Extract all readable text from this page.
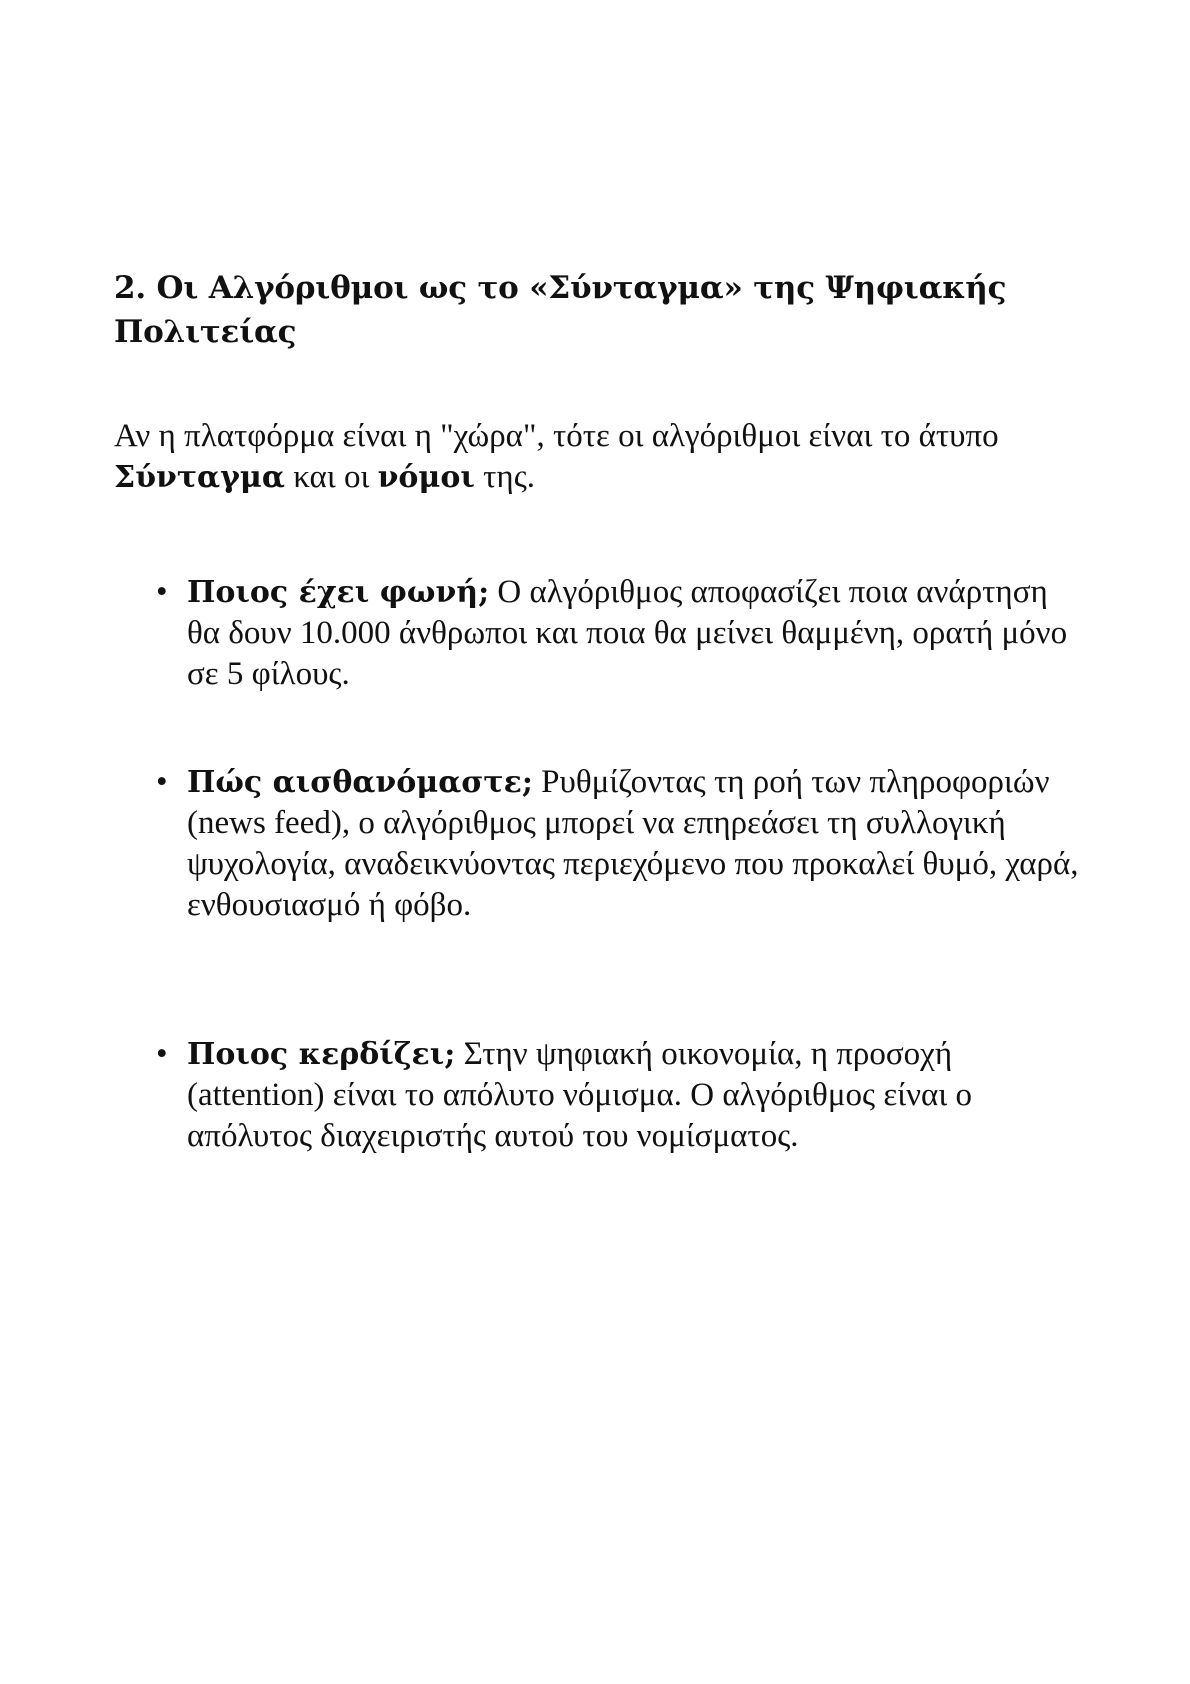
2. Οι Αλγόριθμοι ως το «Σύνταγμα» της Ψηφιακής Πολιτείας

Αν η πλατφόρμα είναι η "χώρα", τότε οι αλγόριθμοι είναι το άτυπο Σύνταγμα και οι νόμοι της.

• Ποιος έχει φωνή; Ο αλγόριθμος αποφασίζει ποια ανάρτηση θα δουν 10.000 άνθρωποι και ποια θα μείνει θαμμένη, ορατή μόνο σε 5 φίλους.
• Πώς αισθανόμαστε; Ρυθμίζοντας τη ροή των πληροφοριών (news feed), ο αλγόριθμος μπορεί να επηρεάσει τη συλλογική ψυχολογία, αναδεικνύοντας περιεχόμενο που προκαλεί θυμό, χαρά, ενθουσιασμό ή φόβο.
• Ποιος κερδίζει; Στην ψηφιακή οικονομία, η προσοχή (attention) είναι το απόλυτο νόμισμα. Ο αλγόριθμος είναι ο απόλυτος διαχειριστής αυτού του νομίσματος.
